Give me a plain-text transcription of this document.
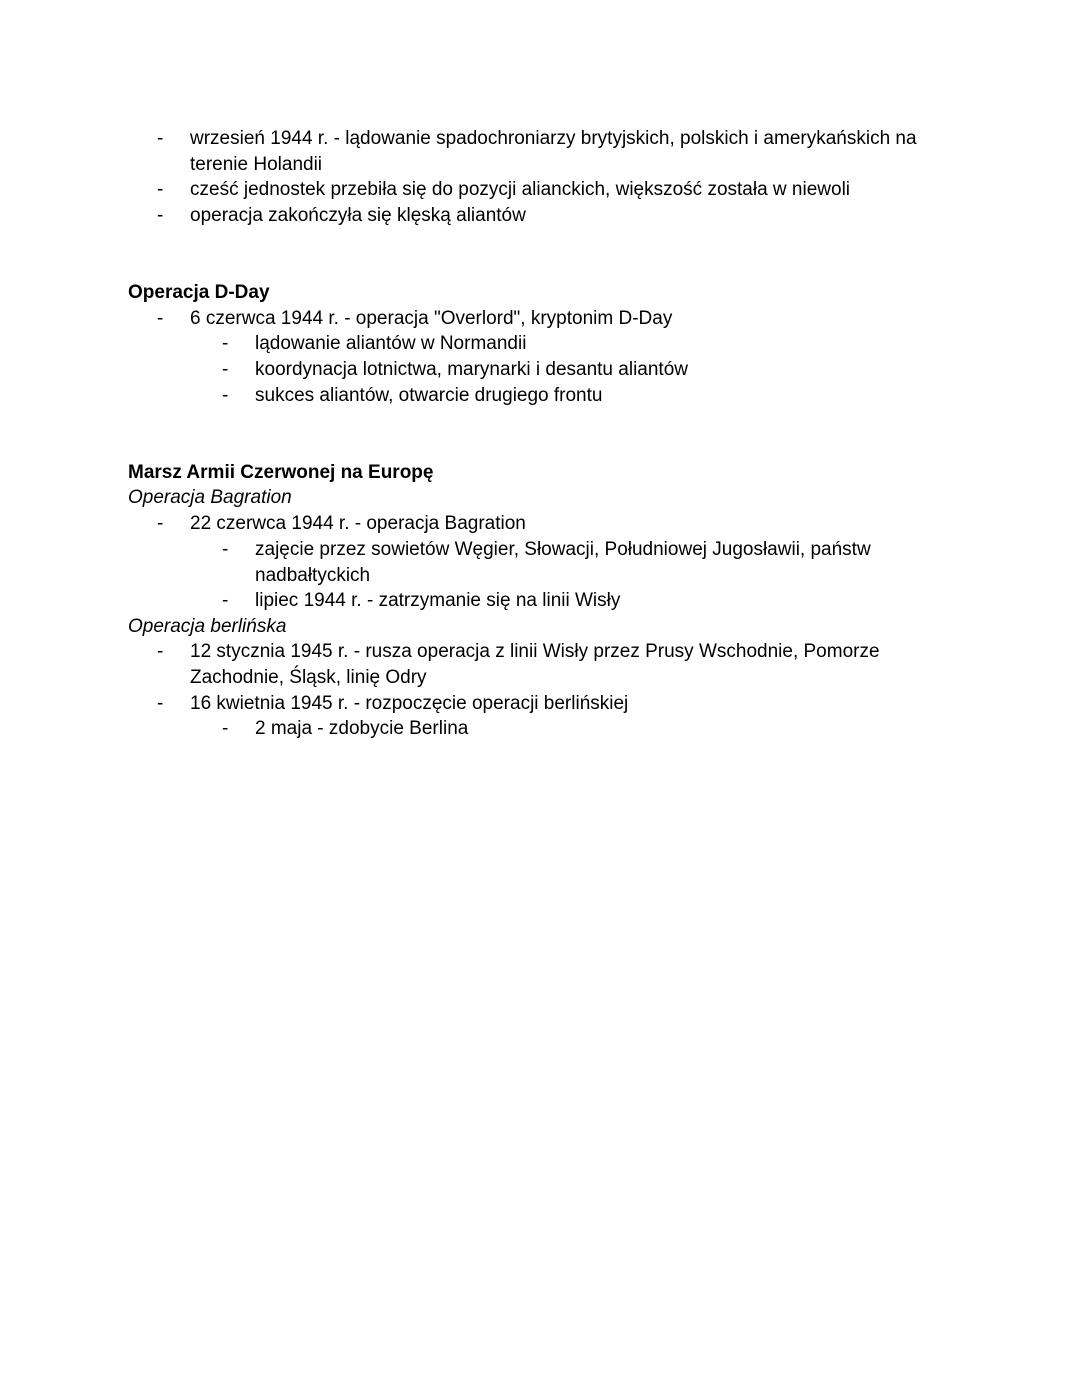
- wrzesień 1944 r. - lądowanie spadochroniarzy brytyjskich, polskich i amerykańskich na
terenie Holandii
- cześć jednostek przebiła się do pozycji alianckich, większość została w niewoli
- operacja zakończyła się klęską aliantów
Operacja D-Day
- 6 czerwca 1944 r. - operacja "Overlord", kryptonim D-Day
- lądowanie aliantów w Normandii
- koordynacja lotnictwa, marynarki i desantu aliantów
- sukces aliantów, otwarcie drugiego frontu
Marsz Armii Czerwonej na Europę
Operacja Bagration
- 22 czerwca 1944 r. - operacja Bagration
- zajęcie przez sowietów Węgier, Słowacji, Południowej Jugosławii, państw
nadbałtyckich
- lipiec 1944 r. - zatrzymanie się na linii Wisły
Operacja berlińska
- 12 stycznia 1945 r. - rusza operacja z linii Wisły przez Prusy Wschodnie, Pomorze
Zachodnie, Śląsk, linię Odry
- 16 kwietnia 1945 r. - rozpoczęcie operacji berlińskiej
- 2 maja - zdobycie Berlina
